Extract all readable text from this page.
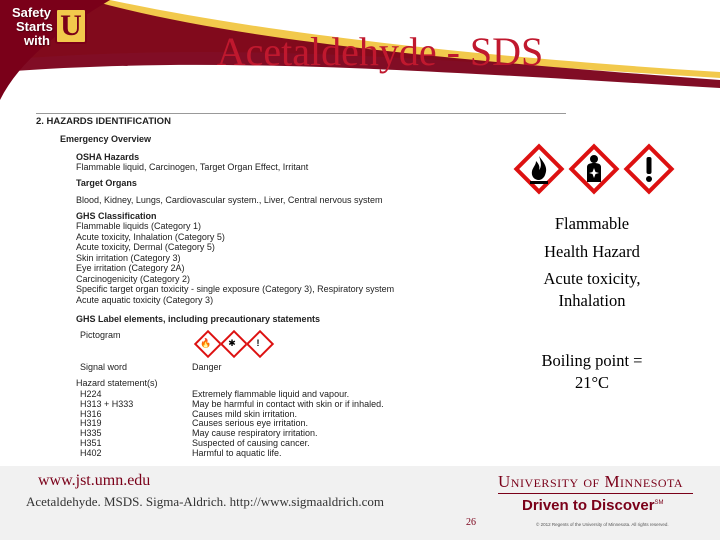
Safety
Starts
with U
Acetaldehyde - SDS
2. HAZARDS IDENTIFICATION
Emergency Overview
OSHA Hazards
Flammable liquid, Carcinogen, Target Organ Effect, Irritant
Target Organs
Blood, Kidney, Lungs, Cardiovascular system., Liver, Central nervous system
GHS Classification
Flammable liquids (Category 1)
Acute toxicity, Inhalation (Category 5)
Acute toxicity, Dermal (Category 5)
Skin irritation (Category 3)
Eye irritation (Category 2A)
Carcinogenicity (Category 2)
Specific target organ toxicity - single exposure (Category 3), Respiratory system
Acute aquatic toxicity (Category 3)
GHS Label elements, including precautionary statements
Pictogram
🔥	✱	!
Signal word	Danger
Hazard statement(s)
H224	Extremely flammable liquid and vapour.
H313 + H333	May be harmful in contact with skin or if inhaled.
H316	Causes mild skin irritation.
H319	Causes serious eye irritation.
H335	May cause respiratory irritation.
H351	Suspected of causing cancer.
H402	Harmful to aquatic life.
Flammable
Health Hazard
Acute toxicity,
Inhalation
Boiling point =
21°C
www.jst.umn.edu
Acetaldehyde. MSDS. Sigma-Aldrich. http://www.sigmaaldrich.com
26
University of Minnesota
Driven to Discover℠
© 2012 Regents of the University of Minnesota. All rights reserved.
